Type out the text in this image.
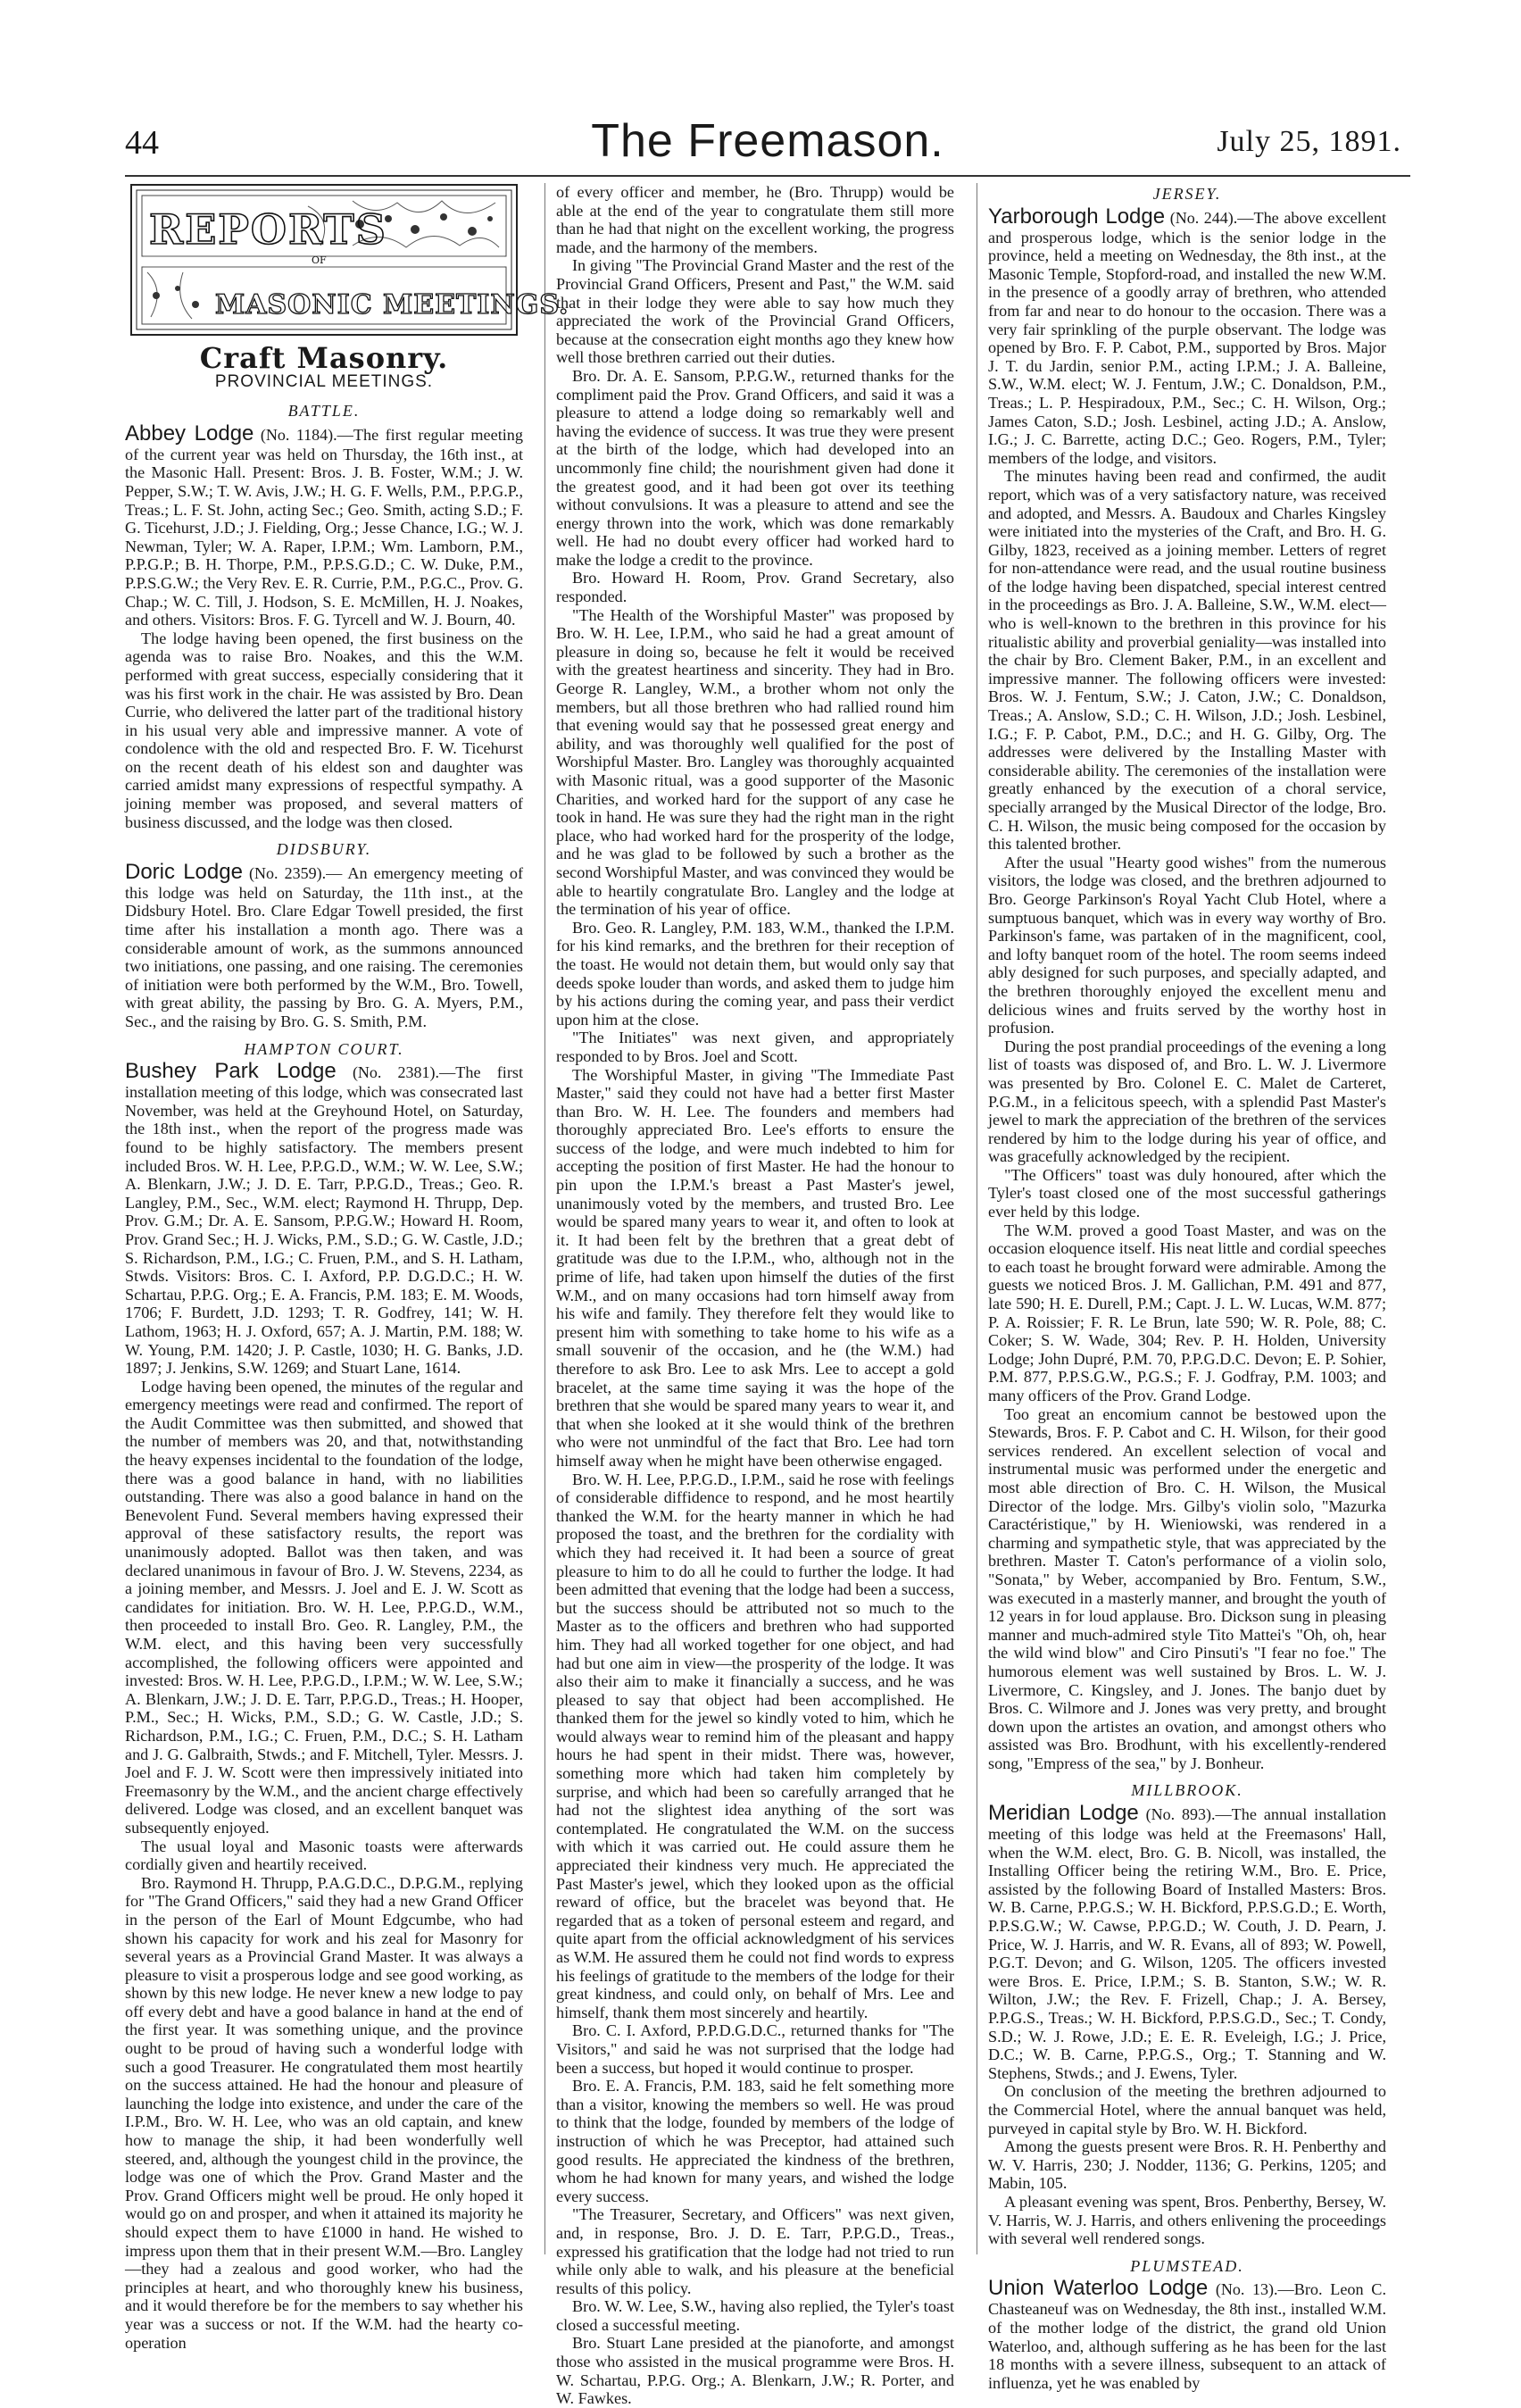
44	The Freemason.	July 25, 1891.
REPORTS
OF
MASONIC MEETINGS.
Craft Masonry.
PROVINCIAL MEETINGS.
BATTLE.

Abbey Lodge (No. 1184).—The first regular meeting of the current year was held on Thursday, the 16th inst., at the Masonic Hall. Present: Bros. J. B. Foster, W.M.; J. W. Pepper, S.W.; T. W. Avis, J.W.; H. G. F. Wells, P.M., P.P.G.P., Treas.; L. F. St. John, acting Sec.; Geo. Smith, acting S.D.; F. G. Ticehurst, J.D.; J. Fielding, Org.; Jesse Chance, I.G.; W. J. Newman, Tyler; W. A. Raper, I.P.M.; Wm. Lamborn, P.M., P.P.G.P.; B. H. Thorpe, P.M., P.P.S.G.D.; C. W. Duke, P.M., P.P.S.G.W.; the Very Rev. E. R. Currie, P.M., P.G.C., Prov. G. Chap.; W. C. Till, J. Hodson, S. E. McMillen, H. J. Noakes, and others. Visitors: Bros. F. G. Tyrcell and W. J. Bourn, 40.

The lodge having been opened, the first business on the agenda was to raise Bro. Noakes, and this the W.M. performed with great success, especially considering that it was his first work in the chair. He was assisted by Bro. Dean Currie, who delivered the latter part of the traditional history in his usual very able and impressive manner. A vote of condolence with the old and respected Bro. F. W. Ticehurst on the recent death of his eldest son and daughter was carried amidst many expressions of respectful sympathy. A joining member was proposed, and several matters of business discussed, and the lodge was then closed.

DIDSBURY.

Doric Lodge (No. 2359).— An emergency meeting of this lodge was held on Saturday, the 11th inst., at the Didsbury Hotel. Bro. Clare Edgar Towell presided, the first time after his installation a month ago. There was a considerable amount of work, as the summons announced two initiations, one passing, and one raising. The ceremonies of initiation were both performed by the W.M., Bro. Towell, with great ability, the passing by Bro. G. A. Myers, P.M., Sec., and the raising by Bro. G. S. Smith, P.M.

HAMPTON COURT.

Bushey Park Lodge (No. 2381).—The first installation meeting of this lodge, which was consecrated last November, was held at the Greyhound Hotel, on Saturday, the 18th inst., when the report of the progress made was found to be highly satisfactory. The members present included Bros. W. H. Lee, P.P.G.D., W.M.; W. W. Lee, S.W.; A. Blenkarn, J.W.; J. D. E. Tarr, P.P.G.D., Treas.; Geo. R. Langley, P.M., Sec., W.M. elect; Raymond H. Thrupp, Dep. Prov. G.M.; Dr. A. E. Sansom, P.P.G.W.; Howard H. Room, Prov. Grand Sec.; H. J. Wicks, P.M., S.D.; G. W. Castle, J.D.; S. Richardson, P.M., I.G.; C. Fruen, P.M., and S. H. Latham, Stwds. Visitors: Bros. C. I. Axford, P.P. D.G.D.C.; H. W. Schartau, P.P.G. Org.; E. A. Francis, P.M. 183; E. M. Woods, 1706; F. Burdett, J.D. 1293; T. R. Godfrey, 141; W. H. Lathom, 1963; H. J. Oxford, 657; A. J. Martin, P.M. 188; W. W. Young, P.M. 1420; J. P. Castle, 1030; H. G. Banks, J.D. 1897; J. Jenkins, S.W. 1269; and Stuart Lane, 1614.

Lodge having been opened, the minutes of the regular and emergency meetings were read and confirmed. The report of the Audit Committee was then submitted, and showed that the number of members was 20, and that, notwithstanding the heavy expenses incidental to the foundation of the lodge, there was a good balance in hand, with no liabilities outstanding. There was also a good balance in hand on the Benevolent Fund. Several members having expressed their approval of these satisfactory results, the report was unanimously adopted. Ballot was then taken, and was declared unanimous in favour of Bro. J. W. Stevens, 2234, as a joining member, and Messrs. J. Joel and E. J. W. Scott as candidates for initiation. Bro. W. H. Lee, P.P.G.D., W.M., then proceeded to install Bro. Geo. R. Langley, P.M., the W.M. elect, and this having been very successfully accomplished, the following officers were appointed and invested: Bros. W. H. Lee, P.P.G.D., I.P.M.; W. W. Lee, S.W.; A. Blenkarn, J.W.; J. D. E. Tarr, P.P.G.D., Treas.; H. Hooper, P.M., Sec.; H. Wicks, P.M., S.D.; G. W. Castle, J.D.; S. Richardson, P.M., I.G.; C. Fruen, P.M., D.C.; S. H. Latham and J. G. Galbraith, Stwds.; and F. Mitchell, Tyler. Messrs. J. Joel and F. J. W. Scott were then impressively initiated into Freemasonry by the W.M., and the ancient charge effectively delivered. Lodge was closed, and an excellent banquet was subsequently enjoyed.

The usual loyal and Masonic toasts were afterwards cordially given and heartily received.

Bro. Raymond H. Thrupp, P.A.G.D.C., D.P.G.M., replying for "The Grand Officers," said they had a new Grand Officer in the person of the Earl of Mount Edgcumbe, who had shown his capacity for work and his zeal for Masonry for several years as a Provincial Grand Master. It was always a pleasure to visit a prosperous lodge and see good working, as shown by this new lodge. He never knew a new lodge to pay off every debt and have a good balance in hand at the end of the first year. It was something unique, and the province ought to be proud of having such a wonderful lodge with such a good Treasurer. He congratulated them most heartily on the success attained. He had the honour and pleasure of launching the lodge into existence, and under the care of the I.P.M., Bro. W. H. Lee, who was an old captain, and knew how to manage the ship, it had been wonderfully well steered, and, although the youngest child in the province, the lodge was one of which the Prov. Grand Master and the Prov. Grand Officers might well be proud. He only hoped it would go on and prosper, and when it attained its majority he should expect them to have £1000 in hand. He wished to impress upon them that in their present W.M.—Bro. Langley—they had a zealous and good worker, who had the principles at heart, and who thoroughly knew his business, and it would therefore be for the members to say whether his year was a success or not. If the W.M. had the hearty co-operation

of every officer and member, he (Bro. Thrupp) would be able at the end of the year to congratulate them still more than he had that night on the excellent working, the progress made, and the harmony of the members.

In giving "The Provincial Grand Master and the rest of the Provincial Grand Officers, Present and Past," the W.M. said that in their lodge they were able to say how much they appreciated the work of the Provincial Grand Officers, because at the consecration eight months ago they knew how well those brethren carried out their duties.

Bro. Dr. A. E. Sansom, P.P.G.W., returned thanks for the compliment paid the Prov. Grand Officers, and said it was a pleasure to attend a lodge doing so remarkably well and having the evidence of success. It was true they were present at the birth of the lodge, which had developed into an uncommonly fine child; the nourishment given had done it the greatest good, and it had been got over its teething without convulsions. It was a pleasure to attend and see the energy thrown into the work, which was done remarkably well. He had no doubt every officer had worked hard to make the lodge a credit to the province.

Bro. Howard H. Room, Prov. Grand Secretary, also responded.

"The Health of the Worshipful Master" was proposed by Bro. W. H. Lee, I.P.M., who said he had a great amount of pleasure in doing so, because he felt it would be received with the greatest heartiness and sincerity. They had in Bro. George R. Langley, W.M., a brother whom not only the members, but all those brethren who had rallied round him that evening would say that he possessed great energy and ability, and was thoroughly well qualified for the post of Worshipful Master. Bro. Langley was thoroughly acquainted with Masonic ritual, was a good supporter of the Masonic Charities, and worked hard for the support of any case he took in hand. He was sure they had the right man in the right place, who had worked hard for the prosperity of the lodge, and he was glad to be followed by such a brother as the second Worshipful Master, and was convinced they would be able to heartily congratulate Bro. Langley and the lodge at the termination of his year of office.

Bro. Geo. R. Langley, P.M. 183, W.M., thanked the I.P.M. for his kind remarks, and the brethren for their reception of the toast. He would not detain them, but would only say that deeds spoke louder than words, and asked them to judge him by his actions during the coming year, and pass their verdict upon him at the close.

"The Initiates" was next given, and appropriately responded to by Bros. Joel and Scott.

The Worshipful Master, in giving "The Immediate Past Master," said they could not have had a better first Master than Bro. W. H. Lee. The founders and members had thoroughly appreciated Bro. Lee's efforts to ensure the success of the lodge, and were much indebted to him for accepting the position of first Master. He had the honour to pin upon the I.P.M.'s breast a Past Master's jewel, unanimously voted by the members, and trusted Bro. Lee would be spared many years to wear it, and often to look at it. It had been felt by the brethren that a great debt of gratitude was due to the I.P.M., who, although not in the prime of life, had taken upon himself the duties of the first W.M., and on many occasions had torn himself away from his wife and family. They therefore felt they would like to present him with something to take home to his wife as a small souvenir of the occasion, and he (the W.M.) had therefore to ask Bro. Lee to ask Mrs. Lee to accept a gold bracelet, at the same time saying it was the hope of the brethren that she would be spared many years to wear it, and that when she looked at it she would think of the brethren who were not unmindful of the fact that Bro. Lee had torn himself away when he might have been otherwise engaged.

Bro. W. H. Lee, P.P.G.D., I.P.M., said he rose with feelings of considerable diffidence to respond, and he most heartily thanked the W.M. for the hearty manner in which he had proposed the toast, and the brethren for the cordiality with which they had received it. It had been a source of great pleasure to him to do all he could to further the lodge. It had been admitted that evening that the lodge had been a success, but the success should be attributed not so much to the Master as to the officers and brethren who had supported him. They had all worked together for one object, and had had but one aim in view—the prosperity of the lodge. It was also their aim to make it financially a success, and he was pleased to say that object had been accomplished. He thanked them for the jewel so kindly voted to him, which he would always wear to remind him of the pleasant and happy hours he had spent in their midst. There was, however, something more which had taken him completely by surprise, and which had been so carefully arranged that he had not the slightest idea anything of the sort was contemplated. He congratulated the W.M. on the success with which it was carried out. He could assure them he appreciated their kindness very much. He appreciated the Past Master's jewel, which they looked upon as the official reward of office, but the bracelet was beyond that. He regarded that as a token of personal esteem and regard, and quite apart from the official acknowledgment of his services as W.M. He assured them he could not find words to express his feelings of gratitude to the members of the lodge for their great kindness, and could only, on behalf of Mrs. Lee and himself, thank them most sincerely and heartily.

Bro. C. I. Axford, P.P.D.G.D.C., returned thanks for "The Visitors," and said he was not surprised that the lodge had been a success, but hoped it would continue to prosper.

Bro. E. A. Francis, P.M. 183, said he felt something more than a visitor, knowing the members so well. He was proud to think that the lodge, founded by members of the lodge of instruction of which he was Preceptor, had attained such good results. He appreciated the kindness of the brethren, whom he had known for many years, and wished the lodge every success.

"The Treasurer, Secretary, and Officers" was next given, and, in response, Bro. J. D. E. Tarr, P.P.G.D., Treas., expressed his gratification that the lodge had not tried to run while only able to walk, and his pleasure at the beneficial results of this policy.

Bro. W. W. Lee, S.W., having also replied, the Tyler's toast closed a successful meeting.

Bro. Stuart Lane presided at the pianoforte, and amongst those who assisted in the musical programme were Bros. H. W. Schartau, P.P.G. Org.; A. Blenkarn, J.W.; R. Porter, and W. Fawkes.

JERSEY.

Yarborough Lodge (No. 244).—The above excellent and prosperous lodge, which is the senior lodge in the province, held a meeting on Wednesday, the 8th inst., at the Masonic Temple, Stopford-road, and installed the new W.M. in the presence of a goodly array of brethren, who attended from far and near to do honour to the occasion. There was a very fair sprinkling of the purple observant. The lodge was opened by Bro. F. P. Cabot, P.M., supported by Bros. Major J. T. du Jardin, senior P.M., acting I.P.M.; J. A. Balleine, S.W., W.M. elect; W. J. Fentum, J.W.; C. Donaldson, P.M., Treas.; L. P. Hespiradoux, P.M., Sec.; C. H. Wilson, Org.; James Caton, S.D.; Josh. Lesbinel, acting J.D.; A. Anslow, I.G.; J. C. Barrette, acting D.C.; Geo. Rogers, P.M., Tyler; members of the lodge, and visitors.

The minutes having been read and confirmed, the audit report, which was of a very satisfactory nature, was received and adopted, and Messrs. A. Baudoux and Charles Kingsley were initiated into the mysteries of the Craft, and Bro. H. G. Gilby, 1823, received as a joining member. Letters of regret for non-attendance were read, and the usual routine business of the lodge having been dispatched, special interest centred in the proceedings as Bro. J. A. Balleine, S.W., W.M. elect—who is well-known to the brethren in this province for his ritualistic ability and proverbial geniality—was installed into the chair by Bro. Clement Baker, P.M., in an excellent and impressive manner. The following officers were invested: Bros. W. J. Fentum, S.W.; J. Caton, J.W.; C. Donaldson, Treas.; A. Anslow, S.D.; C. H. Wilson, J.D.; Josh. Lesbinel, I.G.; F. P. Cabot, P.M., D.C.; and H. G. Gilby, Org. The addresses were delivered by the Installing Master with considerable ability. The ceremonies of the installation were greatly enhanced by the execution of a choral service, specially arranged by the Musical Director of the lodge, Bro. C. H. Wilson, the music being composed for the occasion by this talented brother.

After the usual "Hearty good wishes" from the numerous visitors, the lodge was closed, and the brethren adjourned to Bro. George Parkinson's Royal Yacht Club Hotel, where a sumptuous banquet, which was in every way worthy of Bro. Parkinson's fame, was partaken of in the magnificent, cool, and lofty banquet room of the hotel. The room seems indeed ably designed for such purposes, and specially adapted, and the brethren thoroughly enjoyed the excellent menu and delicious wines and fruits served by the worthy host in profusion.

During the post prandial proceedings of the evening a long list of toasts was disposed of, and Bro. L. W. J. Livermore was presented by Bro. Colonel E. C. Malet de Carteret, P.G.M., in a felicitous speech, with a splendid Past Master's jewel to mark the appreciation of the brethren of the services rendered by him to the lodge during his year of office, and was gracefully acknowledged by the recipient.

"The Officers" toast was duly honoured, after which the Tyler's toast closed one of the most successful gatherings ever held by this lodge.

The W.M. proved a good Toast Master, and was on the occasion eloquence itself. His neat little and cordial speeches to each toast he brought forward were admirable. Among the guests we noticed Bros. J. M. Gallichan, P.M. 491 and 877, late 590; H. E. Durell, P.M.; Capt. J. L. W. Lucas, W.M. 877; P. A. Roissier; F. R. Le Brun, late 590; W. R. Pole, 88; C. Coker; S. W. Wade, 304; Rev. P. H. Holden, University Lodge; John Dupré, P.M. 70, P.P.G.D.C. Devon; E. P. Sohier, P.M. 877, P.P.S.G.W., P.G.S.; F. J. Godfray, P.M. 1003; and many officers of the Prov. Grand Lodge.

Too great an encomium cannot be bestowed upon the Stewards, Bros. F. P. Cabot and C. H. Wilson, for their good services rendered. An excellent selection of vocal and instrumental music was performed under the energetic and most able direction of Bro. C. H. Wilson, the Musical Director of the lodge. Mrs. Gilby's violin solo, "Mazurka Caractéristique," by H. Wieniowski, was rendered in a charming and sympathetic style, that was appreciated by the brethren. Master T. Caton's performance of a violin solo, "Sonata," by Weber, accompanied by Bro. Fentum, S.W., was executed in a masterly manner, and brought the youth of 12 years in for loud applause. Bro. Dickson sung in pleasing manner and much-admired style Tito Mattei's "Oh, oh, hear the wild wind blow" and Ciro Pinsuti's "I fear no foe." The humorous element was well sustained by Bros. L. W. J. Livermore, C. Kingsley, and J. Jones. The banjo duet by Bros. C. Wilmore and J. Jones was very pretty, and brought down upon the artistes an ovation, and amongst others who assisted was Bro. Brodhunt, with his excellently-rendered song, "Empress of the sea," by J. Bonheur.

MILLBROOK.

Meridian Lodge (No. 893).—The annual installation meeting of this lodge was held at the Freemasons' Hall, when the W.M. elect, Bro. G. B. Nicoll, was installed, the Installing Officer being the retiring W.M., Bro. E. Price, assisted by the following Board of Installed Masters: Bros. W. B. Carne, P.P.G.S.; W. H. Bickford, P.P.S.G.D.; E. Worth, P.P.S.G.W.; W. Cawse, P.P.G.D.; W. Couth, J. D. Pearn, J. Price, W. J. Harris, and W. R. Evans, all of 893; W. Powell, P.G.T. Devon; and G. Wilson, 1205. The officers invested were Bros. E. Price, I.P.M.; S. B. Stanton, S.W.; W. R. Wilton, J.W.; the Rev. F. Frizell, Chap.; J. A. Bersey, P.P.G.S., Treas.; W. H. Bickford, P.P.S.G.D., Sec.; T. Condy, S.D.; W. J. Rowe, J.D.; E. E. R. Eveleigh, I.G.; J. Price, D.C.; W. B. Carne, P.P.G.S., Org.; T. Stanning and W. Stephens, Stwds.; and J. Ewens, Tyler.

On conclusion of the meeting the brethren adjourned to the Commercial Hotel, where the annual banquet was held, purveyed in capital style by Bro. W. H. Bickford.

Among the guests present were Bros. R. H. Penberthy and W. V. Harris, 230; J. Nodder, 1136; G. Perkins, 1205; and Mabin, 105.

A pleasant evening was spent, Bros. Penberthy, Bersey, W. V. Harris, W. J. Harris, and others enlivening the proceedings with several well rendered songs.

PLUMSTEAD.

Union Waterloo Lodge (No. 13).—Bro. Leon C. Chasteaneuf was on Wednesday, the 8th inst., installed W.M. of the mother lodge of the district, the grand old Union Waterloo, and, although suffering as he has been for the last 18 months with a severe illness, subsequent to an attack of influenza, yet he was enabled by
